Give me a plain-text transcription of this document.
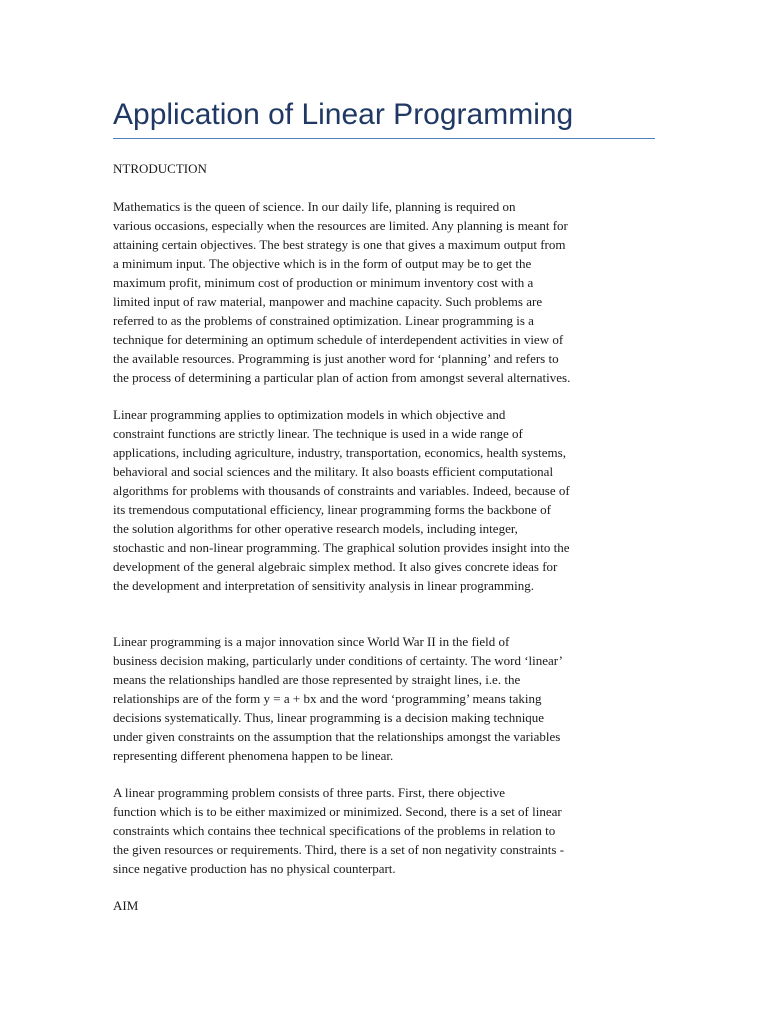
Application of Linear Programming

NTRODUCTION

Mathematics is the queen of science. In our daily life, planning is required on
various occasions, especially when the resources are limited. Any planning is meant for
attaining certain objectives. The best strategy is one that gives a maximum output from
a minimum input. The objective which is in the form of output may be to get the
maximum profit, minimum cost of production or minimum inventory cost with a
limited input of raw material, manpower and machine capacity. Such problems are
referred to as the problems of constrained optimization. Linear programming is a
technique for determining an optimum schedule of interdependent activities in view of
the available resources. Programming is just another word for ‘planning’ and refers to
the process of determining a particular plan of action from amongst several alternatives.

Linear programming applies to optimization models in which objective and
constraint functions are strictly linear. The technique is used in a wide range of
applications, including agriculture, industry, transportation, economics, health systems,
behavioral and social sciences and the military. It also boasts efficient computational
algorithms for problems with thousands of constraints and variables. Indeed, because of
its tremendous computational efficiency, linear programming forms the backbone of
the solution algorithms for other operative research models, including integer,
stochastic and non-linear programming. The graphical solution provides insight into the
development of the general algebraic simplex method. It also gives concrete ideas for
the development and interpretation of sensitivity analysis in linear programming.

Linear programming is a major innovation since World War II in the field of
business decision making, particularly under conditions of certainty. The word ‘linear’
means the relationships handled are those represented by straight lines, i.e. the
relationships are of the form y = a + bx and the word ‘programming’ means taking
decisions systematically. Thus, linear programming is a decision making technique
under given constraints on the assumption that the relationships amongst the variables
representing different phenomena happen to be linear.

A linear programming problem consists of three parts. First, there objective
function which is to be either maximized or minimized. Second, there is a set of linear
constraints which contains thee technical specifications of the problems in relation to
the given resources or requirements. Third, there is a set of non negativity constraints -
since negative production has no physical counterpart.

AIM
